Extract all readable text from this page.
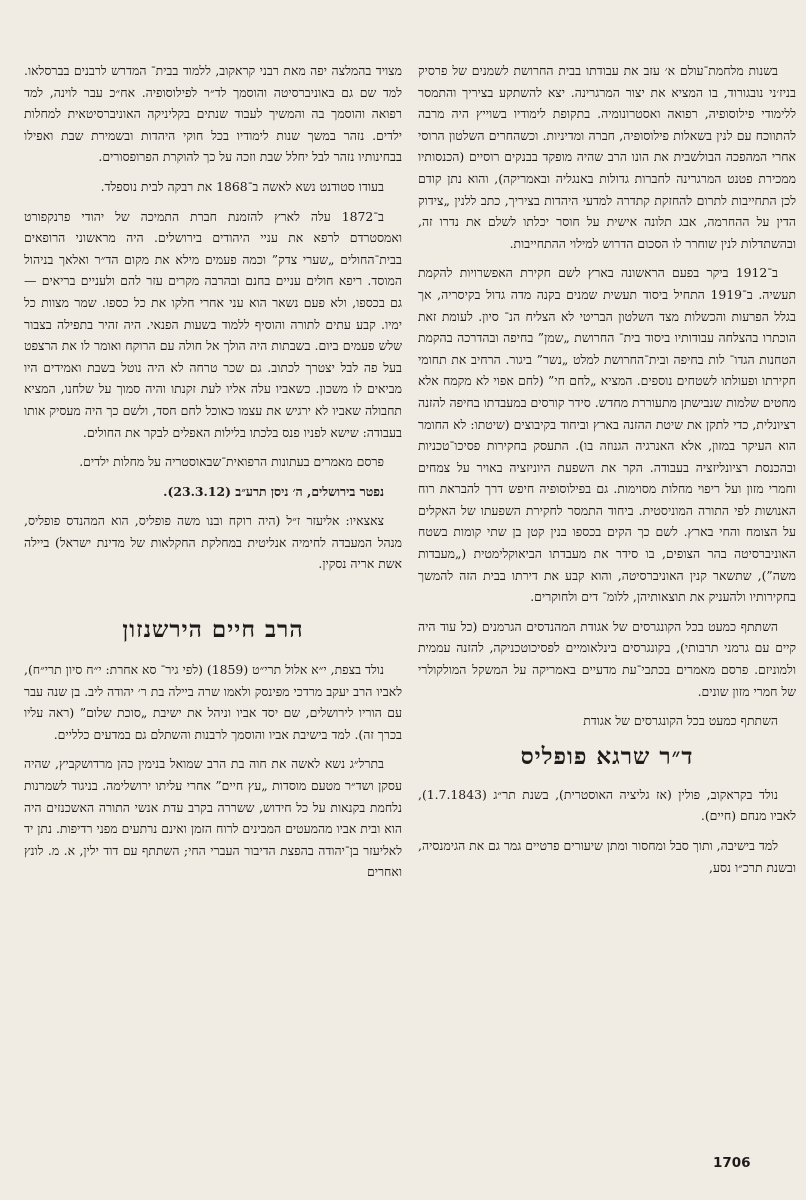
בשנות מלחמת־עולם א׳ עזב את עבודתו בבית החרושת לשמנים של פרסיק בניז׳ני נובגורוד, בו המציא את יצור המרגרינה. יצא להשתקע בציריך והתמסר ללימודי פילוסופיה, רפואה ואסטרונומיה. בתקופת לימודיו בשוייץ היה מרבה להתווכח עם לנין בשאלות פילוסופיה, חברה ומדיניות. וכשהחרים השלטון הרוסי אחרי המהפכה הבולשבית את הונו הרב שהיה מופקד בבנקים רוסיים (הכנסותיו ממכירת פטנט המרגרינה לחברות גדולות באנגליה ובאמריקה), והוא נתן קודם לכן התחייבות לתרום להחזקת קתדרה למדעי היהדות בציריך, כתב ללנין „צידוק הדין על ההחרמה, אבג תלונה אישית על חוסר יכלתו לשלם את נדרו זה, ובהשתדלות לנין שוחרר לו הסכום הדרוש למילוי ההתחייבות.

ב־1912 ביקר בפעם הראשונה בארץ לשם חקירת האפשרויות להקמת תעשיה. ב־1919 התחיל ביסוד תעשית שמנים בקנה מדה גדול בקיסריה, אך בגלל הפרעות והכשלות מצד השלטון הבריטי לא הצליח הנ־ סיון. לעומת זאת הוכתרו בהצלחה עבודותיו ביסוד בית־ החרושת „שמן” בחיפה ובהדרכה בהקמת הטחנות הגדו־ לות בחיפה ובית־החרושת למלט „נשר” ביגור. הרחיב את תחומי חקירתו ופעולתו לשטחים נוספים. המציא „לחם חי” (לחם אפוי לא מקמח אלא מחטים שלמות שנבישתן מתעוררת מחדש. סידר קורסים במעבדתו בחיפה להזנה רציונלית, כדי לתקן את שיטת ההזנה בארץ וביחוד בקיבוצים (שיטתו: לא החומר הוא העיקר במזון, אלא האנרגיה הגנוזה בו). התעסק בחקירות פסיכו־טכניות ובהכנסת רציונליזציה בעבודה. הקר את השפעת היוניזציה באויר על צמחים וחמרי מזון ועל ריפוי מחלות מסוימות. גם בפילוסופיה חיפש דרך להבראת רוח האנושות לפי התורה המוניסטית. ביחוד התמסר לחקירת השפעתו של האקלים על הצומח והחי בארץ. לשם כך הקים בכספו בנין קטן בן שתי קומות בשטח האוניברסיטה בהר הצופים, בו סידר את מעבדתו הביאוקלימטית („מעבדות משה”), שתשאר קנין האוניברסיטה, והוא קבע את דירתו בבית הזה להמשך בחקירותיו ולהעניק את תוצאותיהן, ללומ־ דים ולחוקרים.

השתתף כמעט בכל הקונגרסים של אגודת המהנדסים הגרמנים (כל עוד היה קיים עם גרמני תרבותי), בקונגרסים בינלאומיים לפסיכוטכניקה, להזנה עממית ולמוניזם. פרסם מאמרים בכתבי־עת מדעיים באמריקה על המשקל המולקולרי של חמרי מזון שונים.

השתתף כמעט בכל הקונגרסים של אגודת

ד״ר שרגא פופליס

נולד בקראקוב, פולין (אז גליציה האוסטרית), בשנת תר״ג (1.7.1843), לאביו מנחם (חיים).

למד בישיבה, ותוך סבל ומחסור ומתן שיעורים פרטיים גמר גם את הגימנסיה, ובשנת תרכ״ו נסע,

מצויד בהמלצה יפה מאת רבני קראקוב, ללמוד בבית־ המדרש לרבנים בברסלאו. למד שם גם באוניברסיטה והוסמך לד״ר לפילוסופיה. אח״כ עבר לוינה, למד רפואה והוסמך בה והמשיך לעבוד שנתים בקליניקה האוניברסיטאית למחלות ילדים. נזהר במשך שנות לימודיו בכל חוקי היהדות ובשמירת שבת ואפילו בבחינותיו נזהר לבל יחלל שבת וזכה על כך להוקרת הפרופסורים.

בעודו סטודנט נשא לאשה ב־1868 את רבקה לבית נוספלד.

ב־1872 עלה לארץ להזמנת חברת התמיכה של יהודי פרנקפורט ואמסטרדם לרפא את עניי היהודים בירושלים. היה מראשוני הרופאים בבית־החולים „שערי צדק” וכמה פעמים מילא את מקום הד״ר ואלאך בניהול המוסד. ריפא חולים עניים בחנם ובהרבה מקרים עזר להם ולעניים בריאים — גם בכספו, ולא פעם נשאר הוא עני אחרי חלקו את כל כספו. שמר מצוות כל ימיו. קבע עתים לתורה והוסיף ללמוד בשעות הפנאי. היה זהיר בתפילה בצבור שלש פעמים ביום. בשבתות היה הולך אל חולה עם הרוקח ואומר לו את הרצפט בעל פה לבל יצטרך לכתוב. גם שכר טרחה לא היה נוטל בשבת ואמידים היו מביאים לו משכון. כשאביו עלה אליו לעת זקנתו והיה סמוך על שלחנו, המציא תחבולה שאביו לא ירגיש את עצמו כאוכל לחם חסד, ולשם כך היה מעסיק אותו בעבודה: שישא לפניו פנס בלכתו בלילות האפלים לבקר את החולים.

פרסם מאמרים בעתונות הרפואית־שבאוסטריה על מחלות ילדים.

נפטר בירושלים, ה׳ ניסן תרע״ב (23.3.12).

צאצאיו: אליעזר ז״ל (היה רוקח ובנו משה פופליס, הוא המהנדס פופליס, מנהל המעבדה לחימיה אנליטית במחלקת החקלאות של מדינת ישראל) ביילה אשת אריה נסקין.

הרב חיים הירשנזון

נולד בצפת, י״א אלול תרי״ט (1859) (לפי גיר־ סא אחרת: י״ח סיון תרי״ח), לאביו הרב יעקב מרדכי מפינסק ולאמו שרה ביילה בת ר׳ יהודה ליב. בן שנה עבר עם הוריו לירושלים, שם יסד אביו וניהל את ישיבת „סוכת שלום” (ראה עליו בכרך זה). למד בישיבת אביו והוסמך לרבנות והשתלם גם במדעים כלליים.

בתרל״ג נשא לאשה את חוה בת הרב שמואל בנימין כהן מרדושקביץ, שהיה עסקן ושד״ר מטעם מוסדות „עץ חיים” אחרי עליתו ירושלימה. בניגוד לשמרנות נלחמת בקנאות על כל חידוש, ששררה בקרב עדת אנשי התורה האשכנזים היה הוא ובית אביו מהמעטים המבינים לרוח הזמן ואינם נרתעים מפני רדיפות. נתן יד לאליעזר בן־יהודה בהפצת הדיבור העברי החי; השתתף עם דוד ילין, א. מ. לונץ ואחרים

1706
